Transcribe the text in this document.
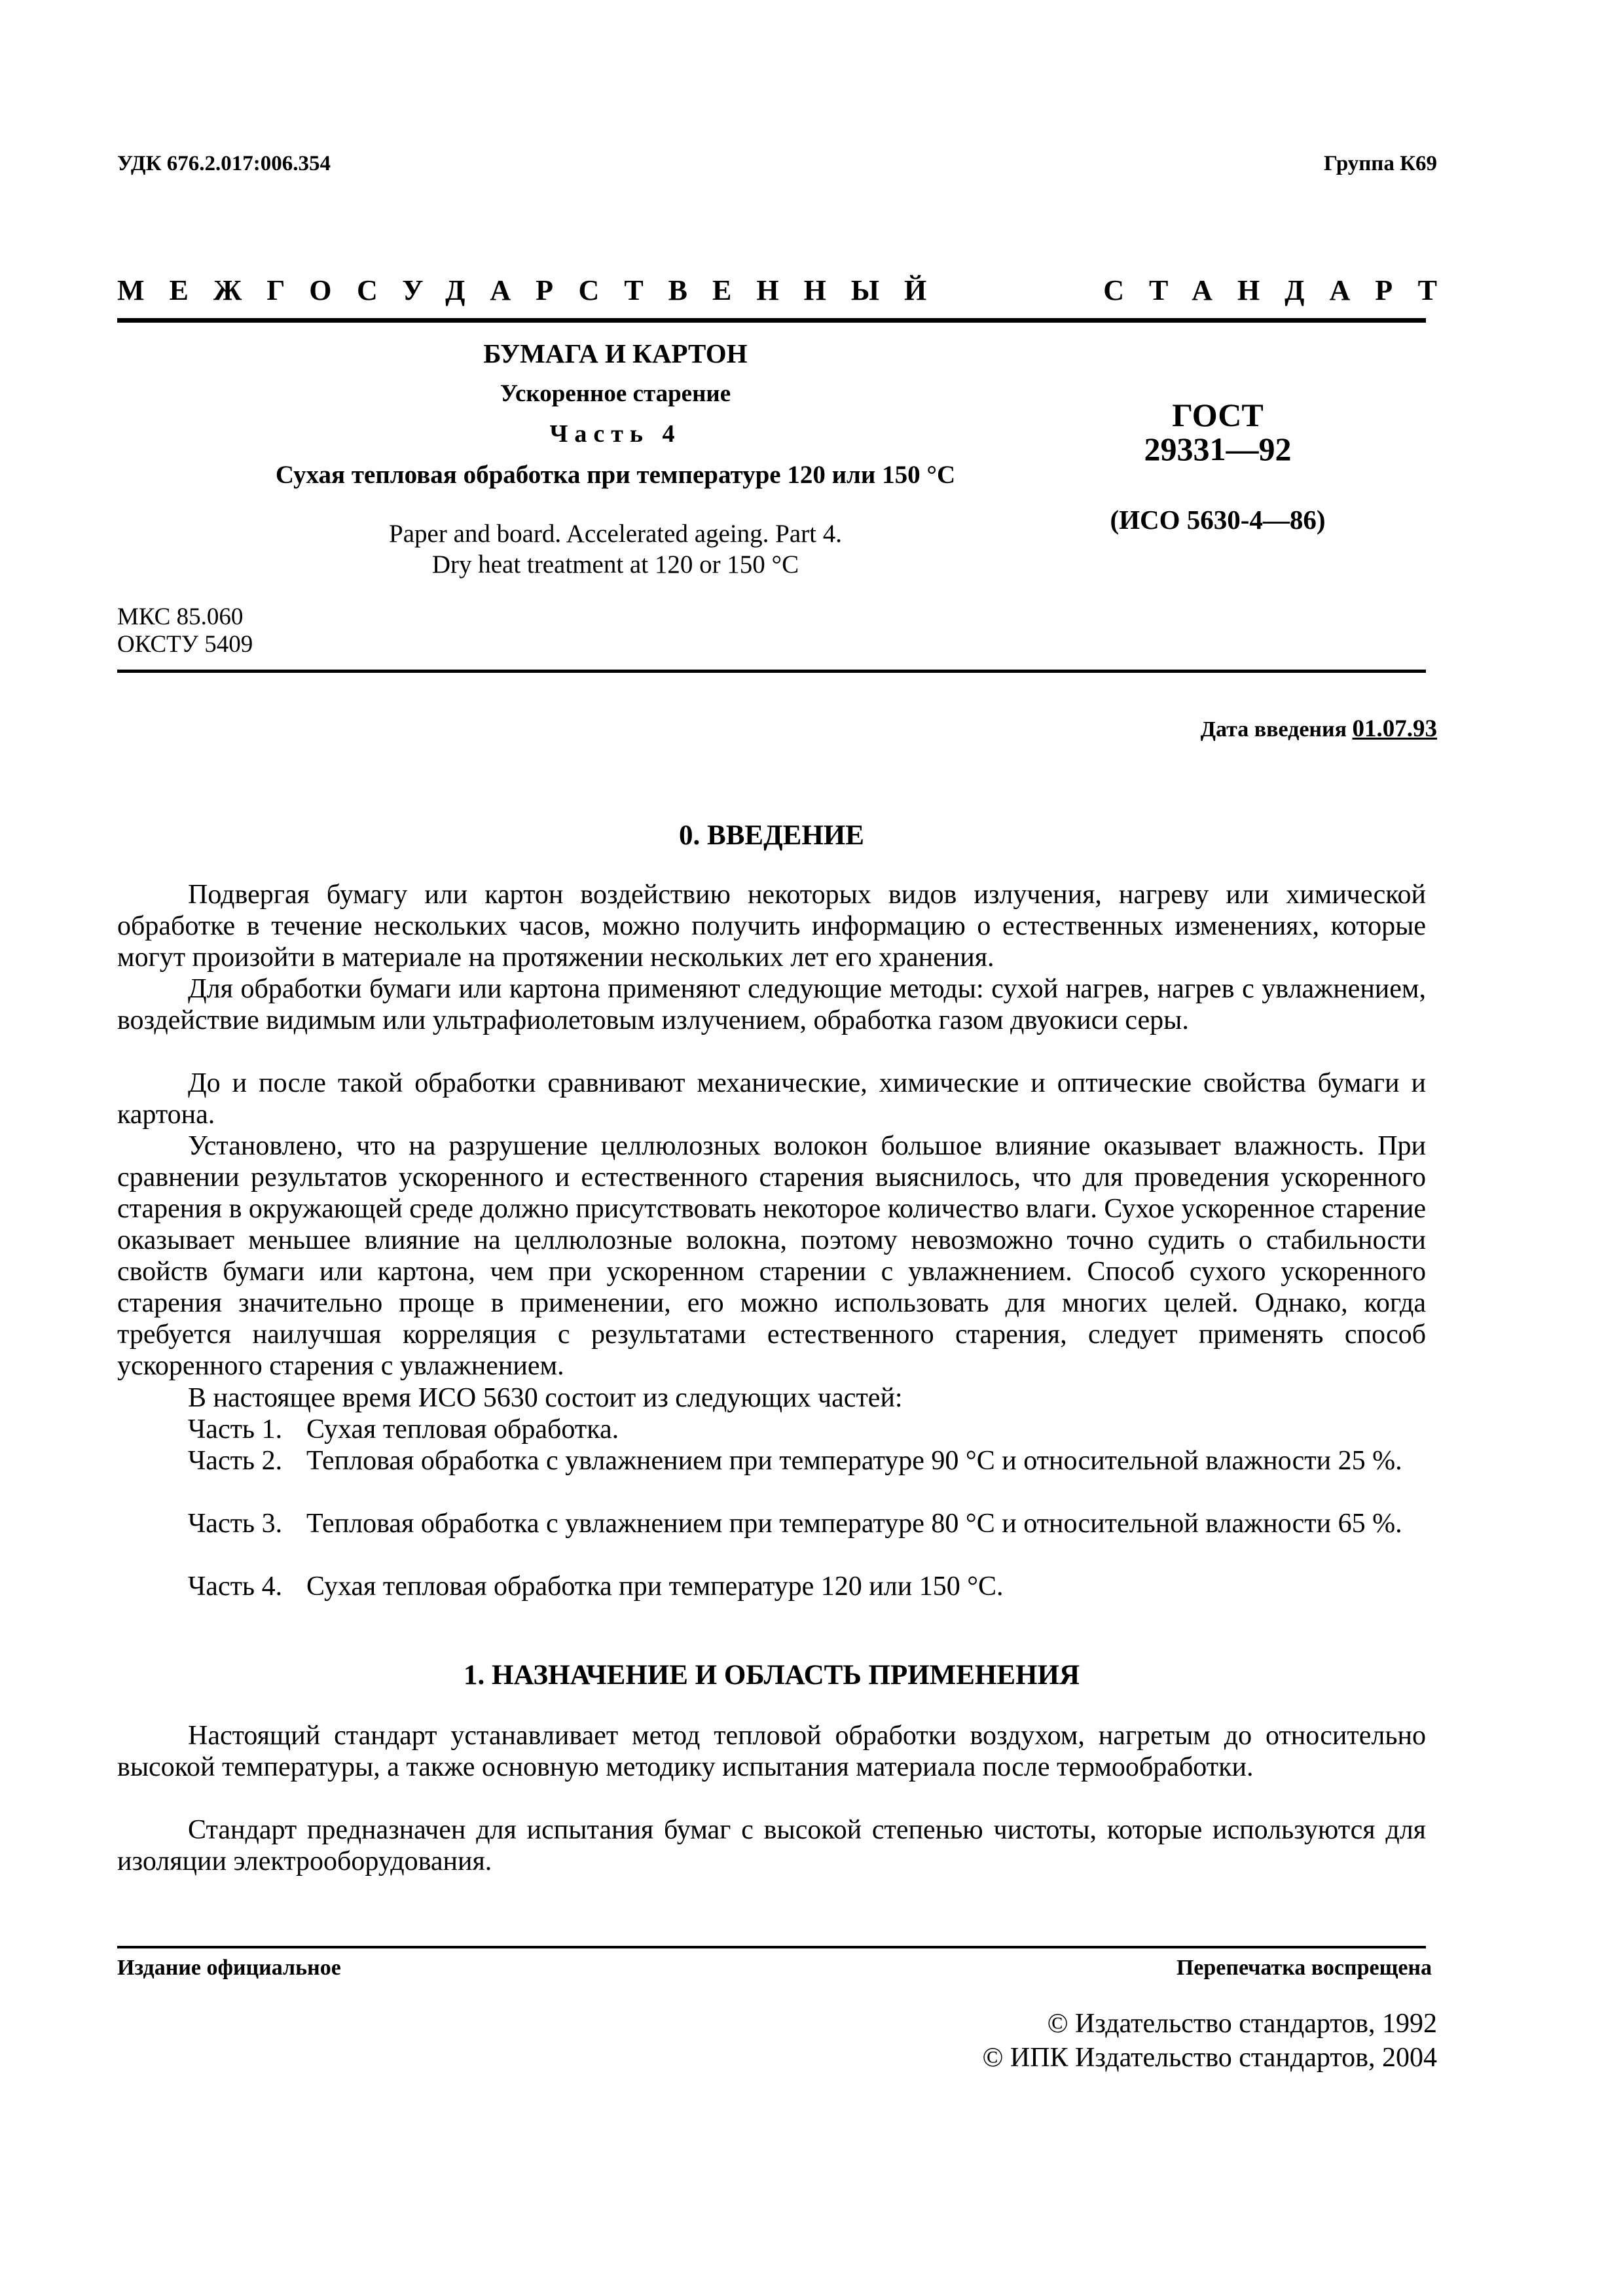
УДК 676.2.017:006.354	Группа К69
МЕЖГОСУДАРСТВЕННЫЙ	СТАНДАРТ
БУМАГА И КАРТОН
Ускоренное старение
Часть 4
Сухая тепловая обработка при температуре 120 или 150 °С
Paper and board. Accelerated ageing. Part 4.
Dry heat treatment at 120 or 150 °C
ГОСТ
29331—92
(ИСО 5630-4—86)
МКС 85.060
ОКСТУ 5409
Дата введения 01.07.93
0. ВВЕДЕНИЕ
Подвергая бумагу или картон воздействию некоторых видов излучения, нагреву или химической обработке в течение нескольких часов, можно получить информацию о естественных изменениях, которые могут произойти в материале на протяжении нескольких лет его хранения.
Для обработки бумаги или картона применяют следующие методы: сухой нагрев, нагрев с увлажнением, воздействие видимым или ультрафиолетовым излучением, обработка газом двуокиси серы.
До и после такой обработки сравнивают механические, химические и оптические свойства бумаги и картона.
Установлено, что на разрушение целлюлозных волокон большое влияние оказывает влажность. При сравнении результатов ускоренного и естественного старения выяснилось, что для проведения ускоренного старения в окружающей среде должно присутствовать некоторое количество влаги. Сухое ускоренное старение оказывает меньшее влияние на целлюлозные волокна, поэтому невозможно точно судить о стабильности свойств бумаги или картона, чем при ускоренном старении с увлажнением. Способ сухого ускоренного старения значительно проще в применении, его можно использовать для многих целей. Однако, когда требуется наилучшая корреляция с результатами естественного старения, следует применять способ ускоренного старения с увлажнением.
В настоящее время ИСО 5630 состоит из следующих частей:
Часть 1. Сухая тепловая обработка.
Часть 2. Тепловая обработка с увлажнением при температуре 90 °С и относительной влажности 25 %.
Часть 3. Тепловая обработка с увлажнением при температуре 80 °С и относительной влажности 65 %.
Часть 4. Сухая тепловая обработка при температуре 120 или 150 °С.
1. НАЗНАЧЕНИЕ И ОБЛАСТЬ ПРИМЕНЕНИЯ
Настоящий стандарт устанавливает метод тепловой обработки воздухом, нагретым до относительно высокой температуры, а также основную методику испытания материала после термообработки.
Стандарт предназначен для испытания бумаг с высокой степенью чистоты, которые используются для изоляции электрооборудования.
Издание официальное	Перепечатка воспрещена
© Издательство стандартов, 1992
© ИПК Издательство стандартов, 2004
